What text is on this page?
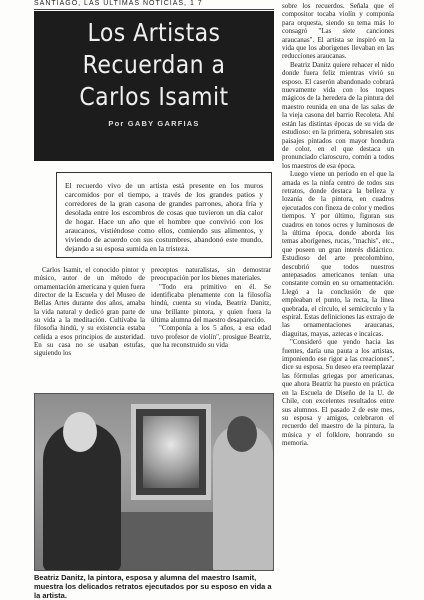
SANTIAGO, LAS ÚLTIMAS NOTICIAS, 1 7
Los Artistas
Recuerdan a
Carlos Isamit
Por GABY GARFIAS
El recuerdo vivo de un artista está presente en los muros carcomidos por el tiempo, a través de los grandes patios y corredores de la gran casona de grandes parrones, ahora fría y desolada entre los escombros de cosas que tuvieron un día calor de hogar. Hace un año que el hombre que convivió con los araucanos, vistiéndose como ellos, comiendo sus alimentos, y viviendo de acuerdo con sus costumbres, abandonó este mundo, dejando a su esposa sumida en la tristeza.

Carlos Isamit, el conocido pintor y músico, autor de un método de ornamentación americana y quien fuera director de la Escuela y del Museo de Bellas Artes durante dos años, amaba la vida natural y dedicó gran parte de su vida a la meditación. Cultivaba la filosofía hindú, y su existencia estaba ceñida a esos principios de austeridad. En su casa no se usaban estufas, siguiendo los

preceptos naturalistas, sin demostrar preocupación por los bienes materiales.

"Todo era primitivo en él. Se identificaba plenamente con la filosofía hindú, cuenta su viuda, Beatriz Danitz, una brillante pintora, y quien fuera la última alumna del maestro desaparecido.

"Componía a los 5 años, a esa edad tuvo profesor de violín", prosigue Beatriz, que ha reconstruido su vida

sobre los recuerdos. Señala que el compositor tocaba violín y componía para orquesta, siendo su tema más lo consagró "Las siete canciones araucanas". El artista se inspiró en la vida que los aborígenes llevaban en las reducciones araucanas.

Beatriz Danitz quiere rehacer el nido donde fuera feliz mientras vivió su esposo. El caserón abandonado cobrará nuevamente vida con los toques mágicos de la heredera de la pintura del maestro reunida en una de las salas de la vieja casona del barrio Recoleta. Ahí están las distintas épocas de su vida de estudioso: en la primera, sobresalen sus paisajes pintados con mayor hondura de color, en el que destaca un pronunciado claroscuro, común a todos los maestros de esa época.

Luego viene un período en el que la amada es la ninfa centro de todos sus retratos, donde destaca la belleza y lozanía de la pintora, en cuadros ejecutados con fineza de color y medios tiempos. Y por último, figuran sus cuadros en tonos ocres y luminosos de la última época, donde aborda los temas aborígenes, rucas, "machis", etc., que poseen un gran interés didáctico. Estudioso del arte precolombino, descubrió que todos nuestros antepasados americanos tenían una constante común en su ornamentación. Llegó a la conclusión de que empleaban el punto, la recta, la línea quebrada, el círculo, el semicírculo y la espiral. Estas definiciones las extrajo de las ornamentaciones araucanas, diaguitas, mayas, aztecas e incaicas.

"Consideró que yendo hacia las fuentes, daría una pauta a los artistas, imponiendo ese rigor a las creaciones", dice su esposa. Su deseo era reemplazar las fórmulas griegas por americanas, que ahora Beatriz ha puesto en práctica en la Escuela de Diseño de la U. de Chile, con excelentes resultados entre sus alumnos. El pasado 2 de este mes, su esposa y amigos, celebraron el recuerdo del maestro de la pintura, la música y el folklore, honrando su memoria.

Beatriz Danitz, la pintora, esposa y alumna del maestro Isamit, muestra los delicados retratos ejecutados por su esposo en vida a la artista.
